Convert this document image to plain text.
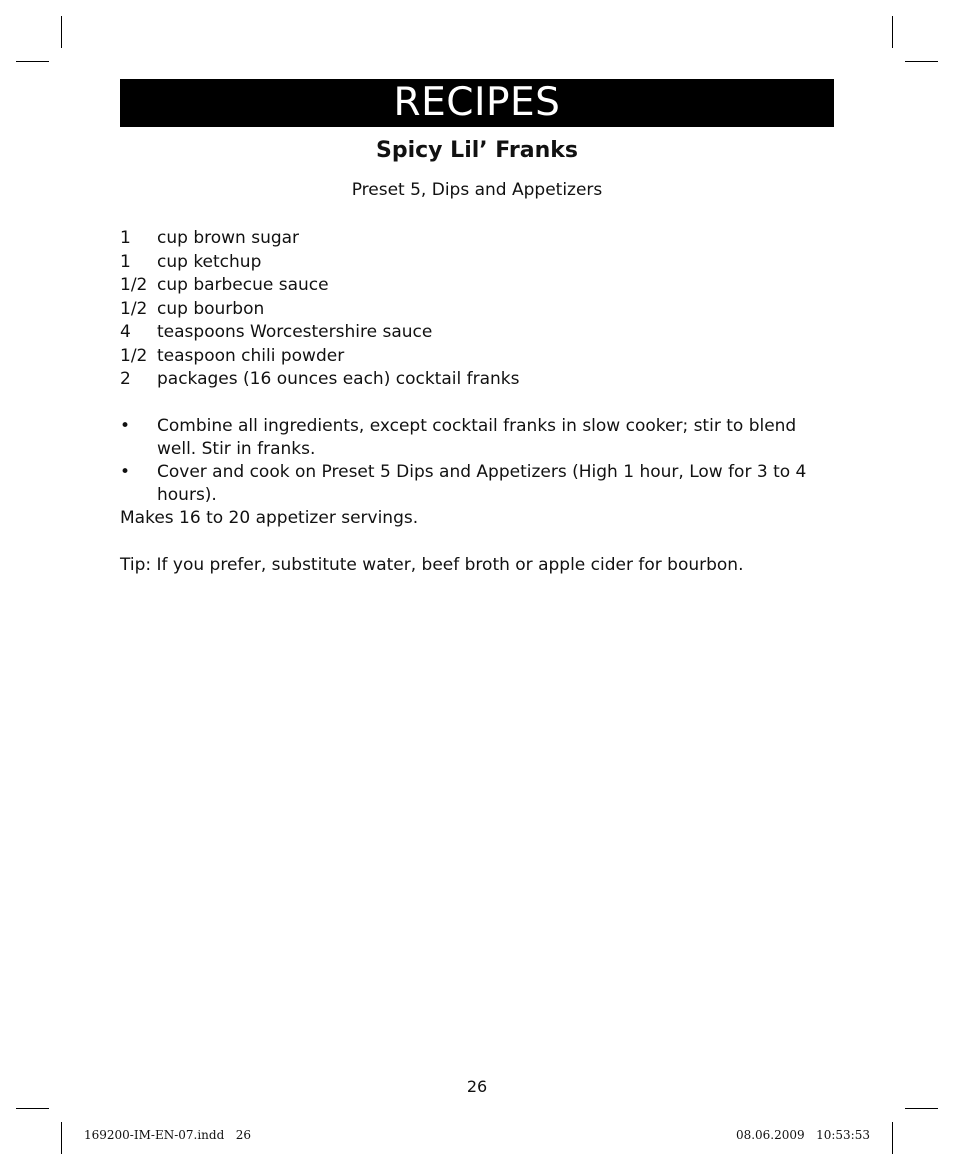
RECIPES
Spicy Lil’ Franks
Preset 5, Dips and Appetizers
1 cup brown sugar
1 cup ketchup
1/2 cup barbecue sauce
1/2 cup bourbon
4 teaspoons Worcestershire sauce
1/2 teaspoon chili powder
2 packages (16 ounces each) cocktail franks
• Combine all ingredients, except cocktail franks in slow cooker; stir to blend well. Stir in franks.
• Cover and cook on Preset 5 Dips and Appetizers (High 1 hour, Low for 3 to 4 hours).
Makes 16 to 20 appetizer servings.
Tip: If you prefer, substitute water, beef broth or apple cider for bourbon.
26
169200-IM-EN-07.indd   26	08.06.2009   10:53:53
